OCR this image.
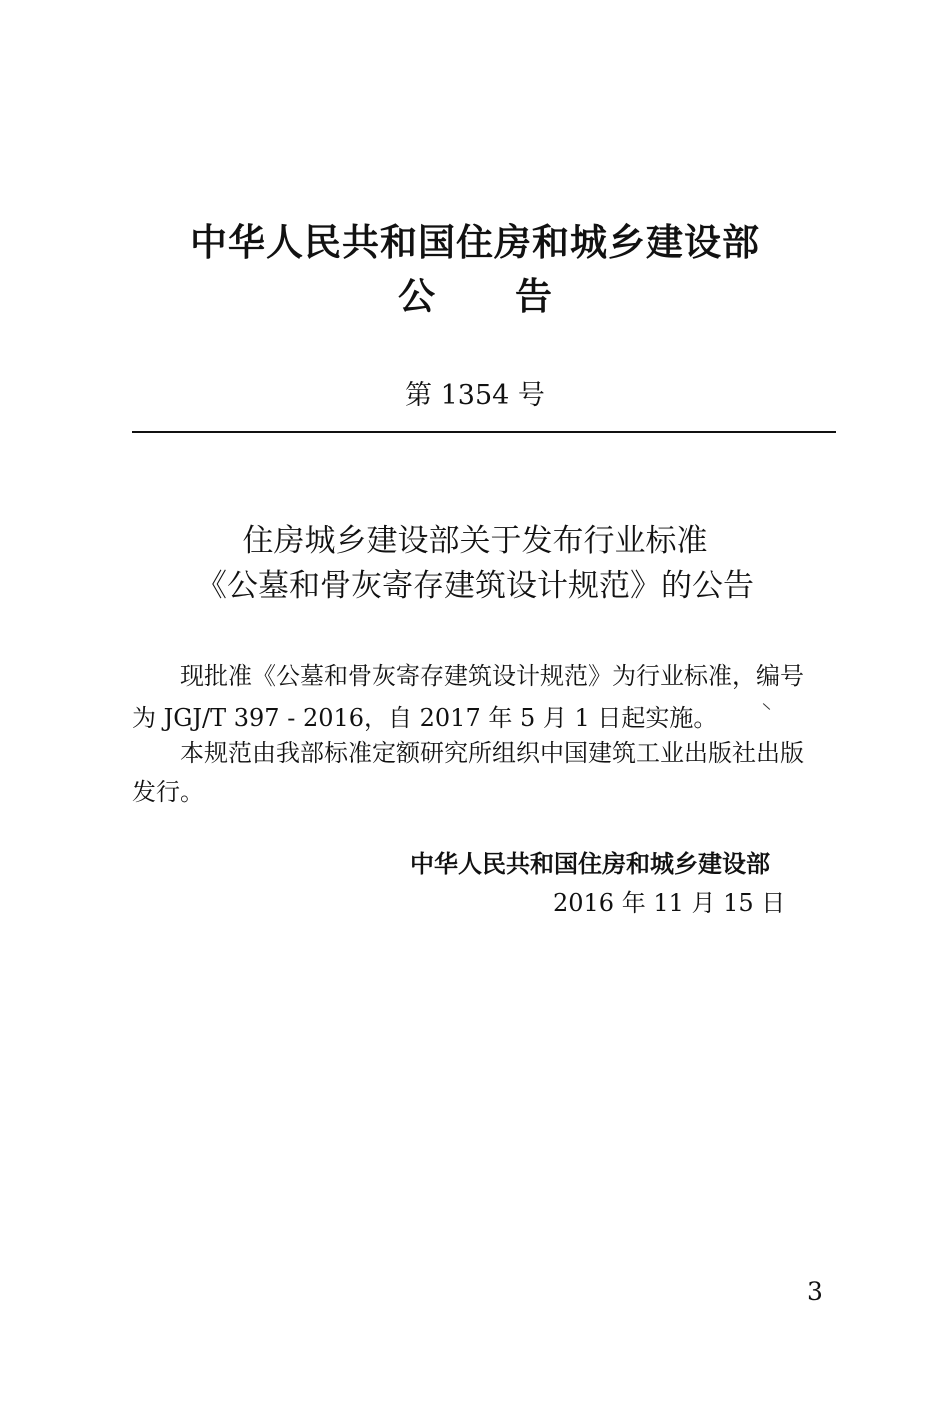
中华人民共和国住房和城乡建设部
公告

第 1354 号

住房城乡建设部关于发布行业标准

《公墓和骨灰寄存建筑设计规范》的公告

现批准《公墓和骨灰寄存建筑设计规范》为行业标准，编号

为 JGJ/T 397 - 2016，自 2017 年 5 月 1 日起实施。

本规范由我部标准定额研究所组织中国建筑工业出版社出版

发行。

中华人民共和国住房和城乡建设部

2016 年 11 月 15 日

3
